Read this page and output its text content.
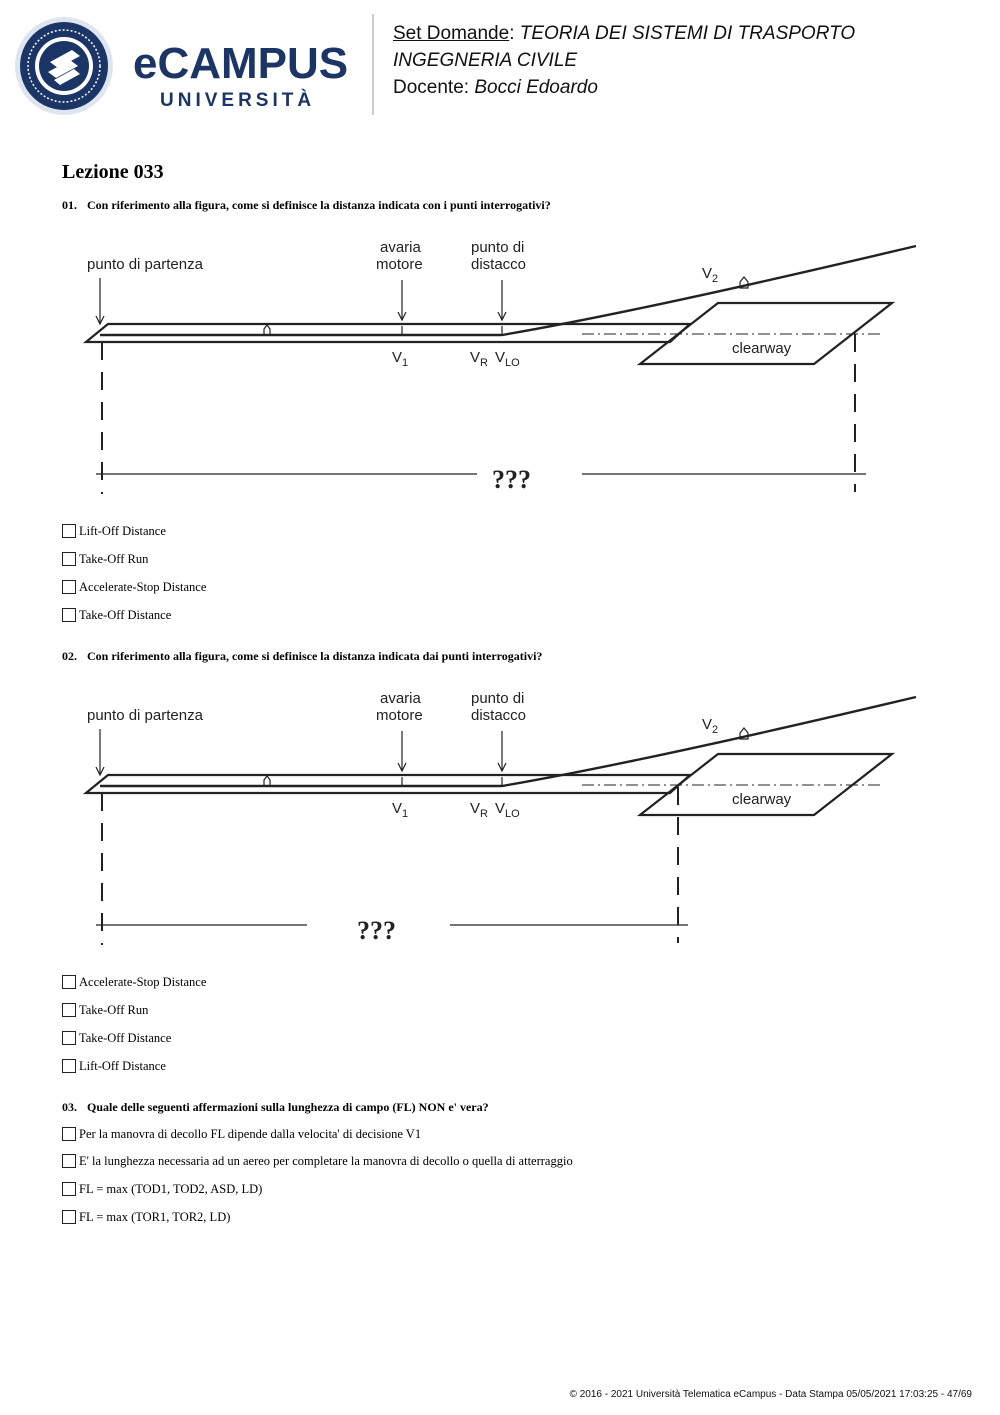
eCAMPUS
UNIVERSITÀ
Set Domande: TEORIA DEI SISTEMI DI TRASPORTO
INGEGNERIA CIVILE
Docente: Bocci Edoardo
Lezione 033
01. Con riferimento alla figura, come si definisce la distanza indicata con i punti interrogativi?
punto di partenza
avaria
motore
punto di
distacco
$V_2$
$V_1$	$V_R$ $V_{LO}$
clearway
???
Lift-Off Distance
Take-Off Run
Accelerate-Stop Distance
Take-Off Distance
02. Con riferimento alla figura, come si definisce la distanza indicata dai punti interrogativi?
punto di partenza
avaria
motore
punto di
distacco
$V_2$
$V_1$	$V_R$ $V_{LO}$
clearway
???
Accelerate-Stop Distance
Take-Off Run
Take-Off Distance
Lift-Off Distance
03. Quale delle seguenti affermazioni sulla lunghezza di campo (FL) NON e' vera?
Per la manovra di decollo FL dipende dalla velocita' di decisione V1
E' la lunghezza necessaria ad un aereo per completare la manovra di decollo o quella di atterraggio
FL = max (TOD1, TOD2, ASD, LD)
FL = max (TOR1, TOR2, LD)
© 2016 - 2021 Università Telematica eCampus - Data Stampa 05/05/2021 17:03:25 - 47/69
